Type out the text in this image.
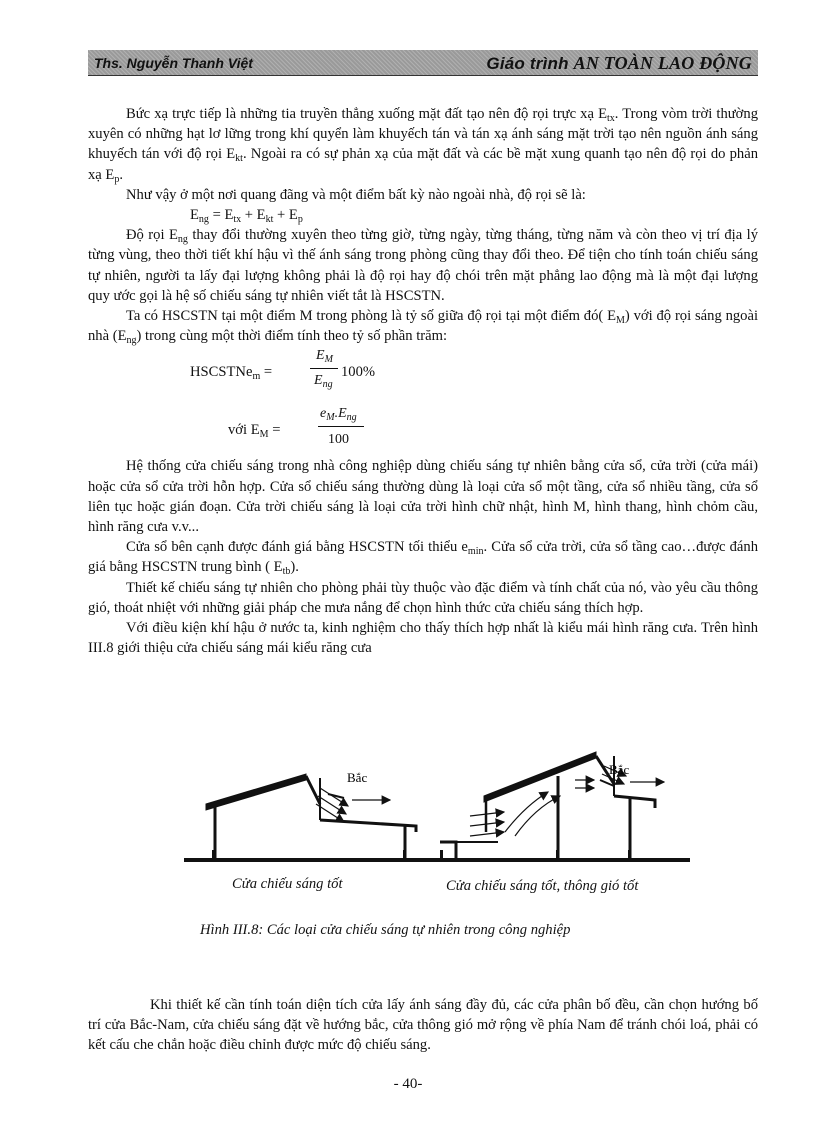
Ths. Nguyễn Thanh Việt	Giáo trình AN TOÀN LAO ĐỘNG

Bức xạ trực tiếp là những tia truyền thẳng xuống mặt đất tạo nên độ rọi trực xạ $E_{tx}$. Trong vòm trời thường xuyên có những hạt lơ lững trong khí quyển làm khuyếch tán và tán xạ ánh sáng mặt trời tạo nên nguồn ánh sáng khuyếch tán với độ rọi $E_{kt}$. Ngoài ra có sự phản xạ của mặt đất và các bề mặt xung quanh tạo nên độ rọi do phản xạ $E_p$.

Như vậy ở một nơi quang đãng và một điểm bất kỳ nào ngoài nhà, độ rọi sẽ là:

$E_{ng} = E_{tx} + E_{kt} + E_p$

Độ rọi $E_{ng}$ thay đổi thường xuyên theo từng giờ, từng ngày, từng tháng, từng năm và còn theo vị trí địa lý từng vùng, theo thời tiết khí hậu vì thế ánh sáng trong phòng cũng thay đổi theo. Để tiện cho tính toán chiếu sáng tự nhiên, người ta lấy đại lượng không phải là độ rọi hay độ chói trên mặt phẳng lao động mà là một đại lượng quy ước gọi là hệ số chiếu sáng tự nhiên viết tắt là HSCSTN.

Ta có HSCSTN tại một điểm M trong phòng là tỷ số giữa độ rọi tại một điểm đó( $E_M$) với độ rọi sáng ngoài nhà $(E_{ng})$ trong cùng một thời điểm tính theo tỷ số phần trăm:

HSCSTNe$_m$ =
$E_M$
$E_{ng}$
100%
với $E_M$ =
$e_M.E_{ng}$
100

Hệ thống cửa chiếu sáng trong nhà công nghiệp dùng chiếu sáng tự nhiên bằng cửa sổ, cửa trời (cửa mái) hoặc cửa sổ cửa trời hỗn hợp. Cửa sổ chiếu sáng thường dùng là loại cửa sổ một tầng, cửa sổ nhiều tầng, cửa sổ liên tục hoặc gián đoạn. Cửa trời chiếu sáng là loại cửa trời hình chữ nhật, hình M, hình thang, hình chỏm cầu, hình răng cưa v.v...

Cửa sổ bên cạnh được đánh giá bằng HSCSTN tối thiểu $e_{min}$. Cửa sổ cửa trời, cửa sổ tầng cao…được đánh giá bằng HSCSTN trung bình ( $E_{tb}$).

Thiết kế chiếu sáng tự nhiên cho phòng phải tùy thuộc vào đặc điểm và tính chất của nó, vào yêu cầu thông gió, thoát nhiệt với những giải pháp che mưa nắng để chọn hình thức cửa chiếu sáng thích hợp.

Với điều kiện khí hậu ở nước ta, kinh nghiệm cho thấy thích hợp nhất là kiểu mái hình răng cưa. Trên hình III.8 giới thiệu cửa chiếu sáng mái kiểu răng cưa

Bắc
Bắc
Cửa chiếu sáng tốt	Cửa chiếu sáng tốt, thông gió tốt
Hình III.8: Các loại cửa chiếu sáng tự nhiên trong công nghiệp

Khi thiết kế cần tính toán diện tích cửa lấy ánh sáng đầy đủ, các cửa phân bố đều, cần chọn hướng bố trí cửa Bắc-Nam, cửa chiếu sáng đặt về hướng bắc, cửa thông gió mở rộng về phía Nam để tránh chói loá, phải có kết cấu che chắn hoặc điều chỉnh được mức độ chiếu sáng.

- 40-
